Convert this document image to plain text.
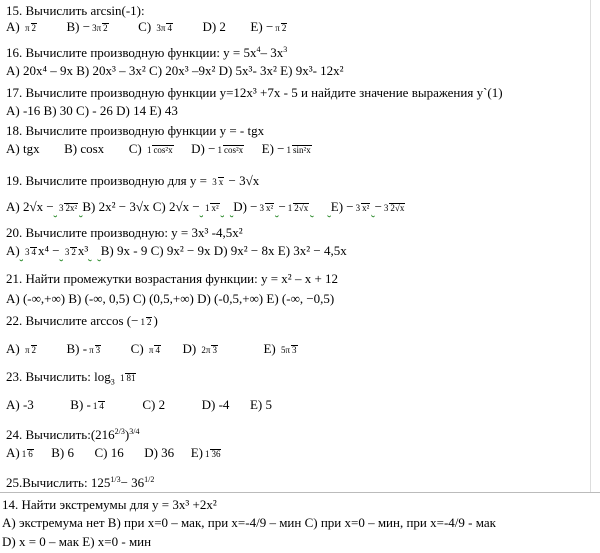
15. Вычислить arcsin(-1):
A) π 2 B) − 3π 2 C) 3π 4 D) 2 E) − π 2
16. Вычислите производную функции: $y = 5x^4-$ $3x^3$
A) 20x⁴ – 9x B) 20x³ – 3x² C) 20x³ –9x² D) 5x³- 3x² E) 9x³- 12x²
17. Вычислите производную функции y=12x³ +7x - 5 и найдите значение выражения y`(1)
A) -16 B) 30 C) - 26 D) 14 E) 43
18. Вычислите производную функции y = - tgx
A) tgx B) cosx C) 1 cos²x D) − 1 cos²x E) − 1 sin²x
19. Вычислите производную для y = 3 x − 3√x
A) 2√x − 3 2x² B) 2x² − 3√x C) 2√x − 1 x² D) − 3 x² − 1 2√x E) − 3 x² − 3 2√x
20. Вычислите производную: y = 3x³ -4,5x²
A) 3 4 x⁴ − 3 2 x³ B) 9x - 9 C) 9x² − 9x D) 9x² − 8x E) 3x² − 4,5x
21. Найти промежутки возрастания функции: y = x² – x + 12
A) (-∞,+∞) B) (-∞, 0,5) C) (0,5,+∞) D) (-0,5,+∞) E) (-∞, −0,5)
22. Вычислите arccos (− 1 2 )
A) π 2 B) - π 3 C) π 4 D) 2π 3	E) 5π 3
23. Вычислить: $\log_3 1$ 81
A) -3	B) - 1 4	C) 2	D) -4 E) 5
24. $Вычислить:(216^{2/3})^{3/4}$
A) 1 6 B) 6 C) 16 D) 36 E) 1 36
25.Вычислить: $125^{1/3}- 36^{1/2}$
14. Найти экстремумы для y = 3x³ +2x²
A) экстремума нет B) при x=0 – мак, при x=-4/9 – мин C) при x=0 – мин, при x=-4/9 - мак
D) x = 0 – мак E) x=0 - мин
